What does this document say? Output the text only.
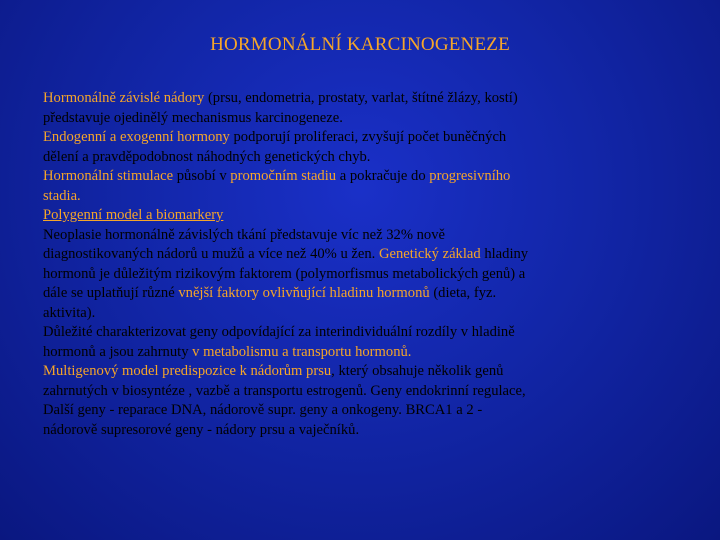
HORMONÁLNÍ KARCINOGENEZE
Hormonálně závislé nádory (prsu, endometria, prostaty, varlat, štítné žlázy, kostí)
představuje ojedinělý mechanismus karcinogeneze.
Endogenní a exogenní hormony podporují proliferaci, zvyšují počet buněčných
dělení a pravděpodobnost náhodných genetických chyb.
Hormonální stimulace působí v promočním stadiu a pokračuje do progresivního
stadia.
Polygenní model a biomarkery
Neoplasie hormonálně závislých tkání představuje víc než 32% nově
diagnostikovaných nádorů u mužů a více než 40% u žen. Genetický základ hladiny
hormonů je důležitým rizikovým faktorem (polymorfismus metabolických genů) a
dále se uplatňují různé vnější faktory ovlivňující hladinu hormonů (dieta, fyz.
aktivita).
Důležité charakterizovat geny odpovídající za interindividuální rozdíly v hladině
hormonů a jsou zahrnuty v metabolismu a transportu hormonů.
Multigenový model predispozice k nádorům prsu, který obsahuje několik genů
zahrnutých v biosyntéze , vazbě a transportu estrogenů. Geny endokrinní regulace,
Další geny - reparace DNA, nádorově supr. geny a onkogeny. BRCA1 a 2 -
nádorově supresorové geny - nádory prsu a vaječníků.
